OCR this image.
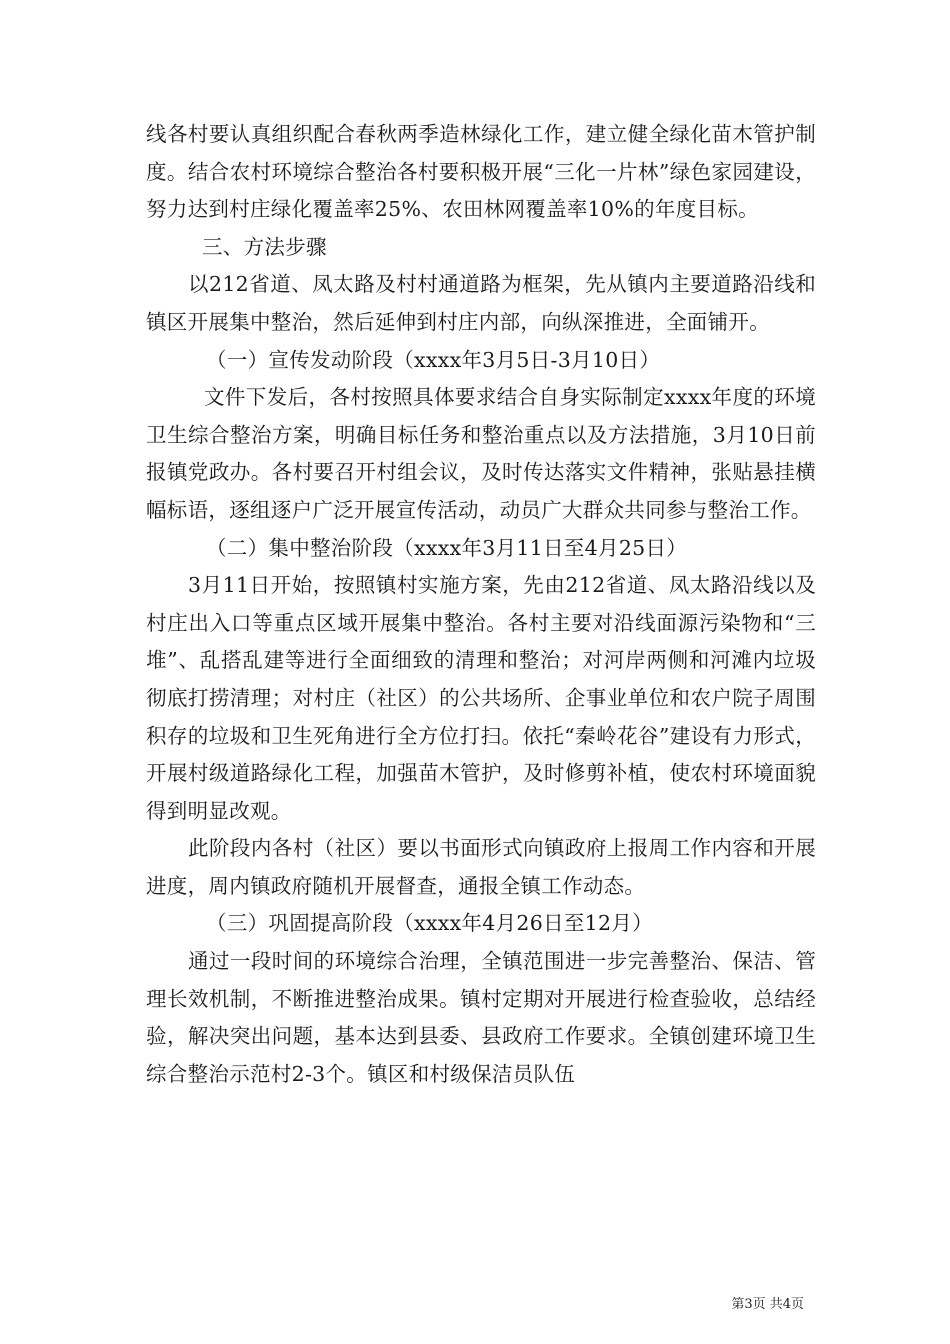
线各村要认真组织配合春秋两季造林绿化工作，建立健全绿化苗木管护制度。结合农村环境综合整治各村要积极开展“三化一片林”绿色家园建设，努力达到村庄绿化覆盖率25%、农田林网覆盖率10%的年度目标。

三、方法步骤

以212省道、凤太路及村村通道路为框架，先从镇内主要道路沿线和镇区开展集中整治，然后延伸到村庄内部，向纵深推进，全面铺开。

（一）宣传发动阶段（xxxx年3月5日-3月10日）

文件下发后，各村按照具体要求结合自身实际制定xxxx年度的环境卫生综合整治方案，明确目标任务和整治重点以及方法措施，3月10日前报镇党政办。各村要召开村组会议，及时传达落实文件精神，张贴悬挂横幅标语，逐组逐户广泛开展宣传活动，动员广大群众共同参与整治工作。

（二）集中整治阶段（xxxx年3月11日至4月25日）

3月11日开始，按照镇村实施方案，先由212省道、凤太路沿线以及村庄出入口等重点区域开展集中整治。各村主要对沿线面源污染物和“三堆”、乱搭乱建等进行全面细致的清理和整治；对河岸两侧和河滩内垃圾彻底打捞清理；对村庄（社区）的公共场所、企事业单位和农户院子周围积存的垃圾和卫生死角进行全方位打扫。依托“秦岭花谷”建设有力形式，开展村级道路绿化工程，加强苗木管护，及时修剪补植，使农村环境面貌得到明显改观。

此阶段内各村（社区）要以书面形式向镇政府上报周工作内容和开展进度，周内镇政府随机开展督查，通报全镇工作动态。

（三）巩固提高阶段（xxxx年4月26日至12月）

通过一段时间的环境综合治理，全镇范围进一步完善整治、保洁、管理长效机制，不断推进整治成果。镇村定期对开展进行检查验收，总结经验，解决突出问题，基本达到县委、县政府工作要求。全镇创建环境卫生综合整治示范村2-3个。镇区和村级保洁员队伍

第3页 共4页
